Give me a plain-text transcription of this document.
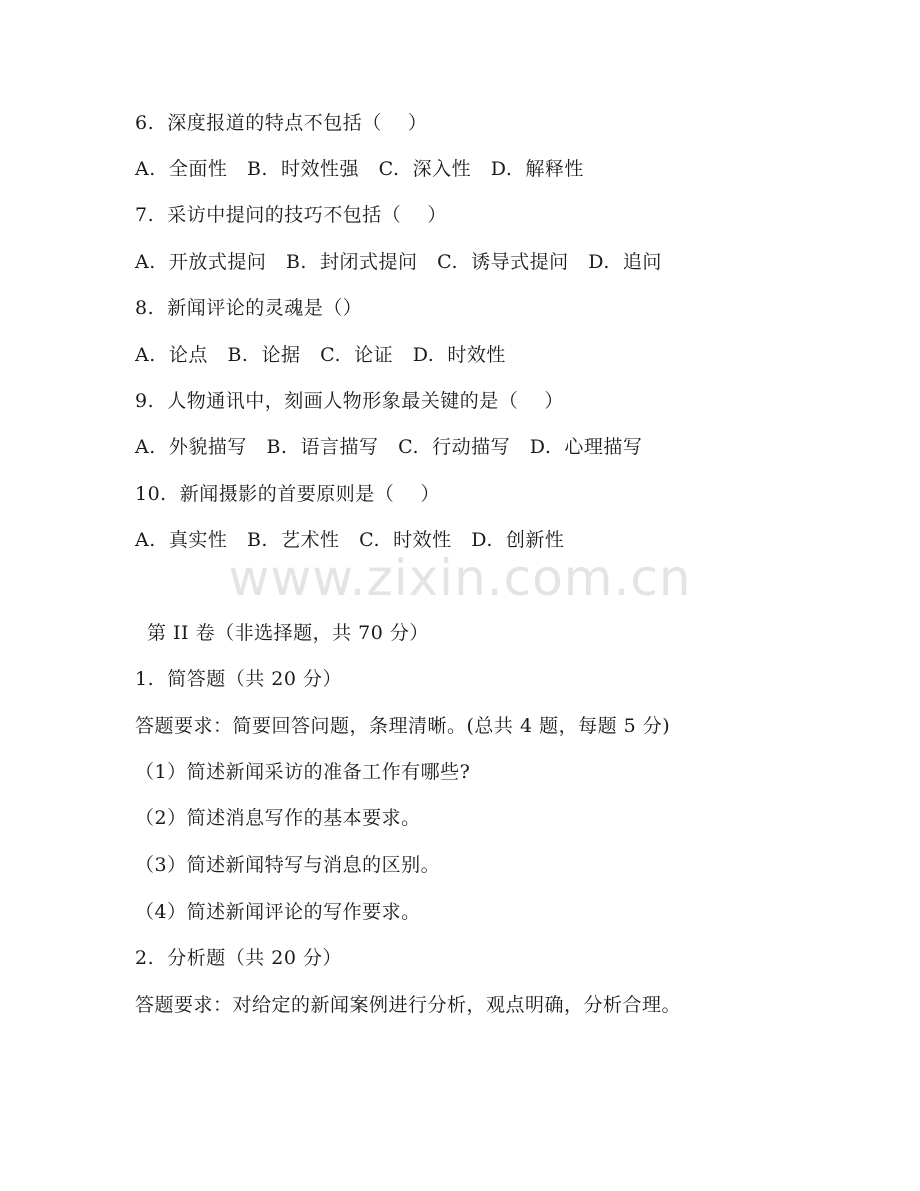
6.  深度报道的特点不包括（    ）
A.  全面性   B.  时效性强   C.  深入性   D.  解释性
7.  采访中提问的技巧不包括（    ）
A.  开放式提问   B.  封闭式提问   C.  诱导式提问   D.  追问
8.  新闻评论的灵魂是（）
A.  论点   B.  论据   C.  论证   D.  时效性
9.  人物通讯中，刻画人物形象最关键的是（    ）
A.  外貌描写   B.  语言描写   C.  行动描写   D.  心理描写
10.  新闻摄影的首要原则是（    ）
A.  真实性   B.  艺术性   C.  时效性   D.  创新性
www.zixin.com.cn
第 II 卷（非选择题，共 70 分）
1.  简答题（共 20 分）
答题要求：简要回答问题，条理清晰。(总共 4 题，每题 5 分)
（1）简述新闻采访的准备工作有哪些?
（2）简述消息写作的基本要求。
（3）简述新闻特写与消息的区别。
（4）简述新闻评论的写作要求。
2.  分析题（共 20 分）
答题要求：对给定的新闻案例进行分析，观点明确，分析合理。
